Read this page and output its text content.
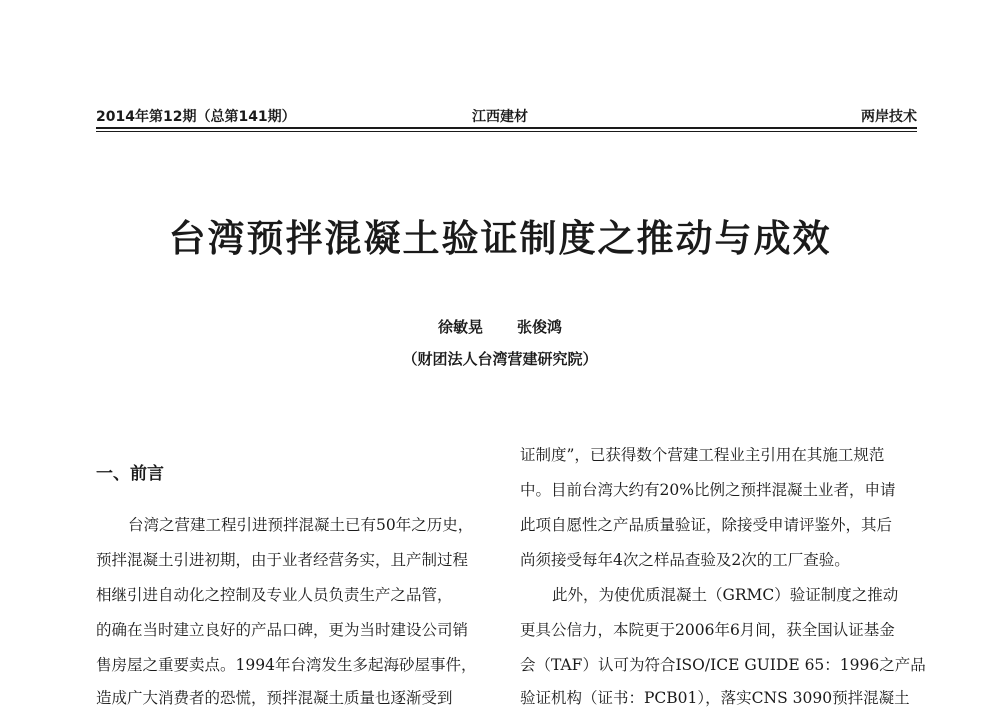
2014年第12期（总第141期）	江西建材	两岸技术
台湾预拌混凝土验证制度之推动与成效
徐敏晃 张俊鸿
（财团法人台湾营建研究院）
一、前言
台湾之营建工程引进预拌混凝土已有50年之历史，
预拌混凝土引进初期，由于业者经营务实，且产制过程
相继引进自动化之控制及专业人员负责生产之品管，
的确在当时建立良好的产品口碑，更为当时建设公司销
售房屋之重要卖点。1994年台湾发生多起海砂屋事件，
造成广大消费者的恐慌，预拌混凝土质量也逐渐受到
证制度”，已获得数个营建工程业主引用在其施工规范
中。目前台湾大约有20%比例之预拌混凝土业者，申请
此项自愿性之产品质量验证，除接受申请评鉴外，其后
尚须接受每年4次之样品查验及2次的工厂查验。
此外，为使优质混凝土（GRMC）验证制度之推动
更具公信力，本院更于2006年6月间，获全国认证基金
会（TAF）认可为符合ISO/ICE GUIDE 65：1996之产品
验证机构（证书：PCB01），落实CNS 3090预拌混凝土
